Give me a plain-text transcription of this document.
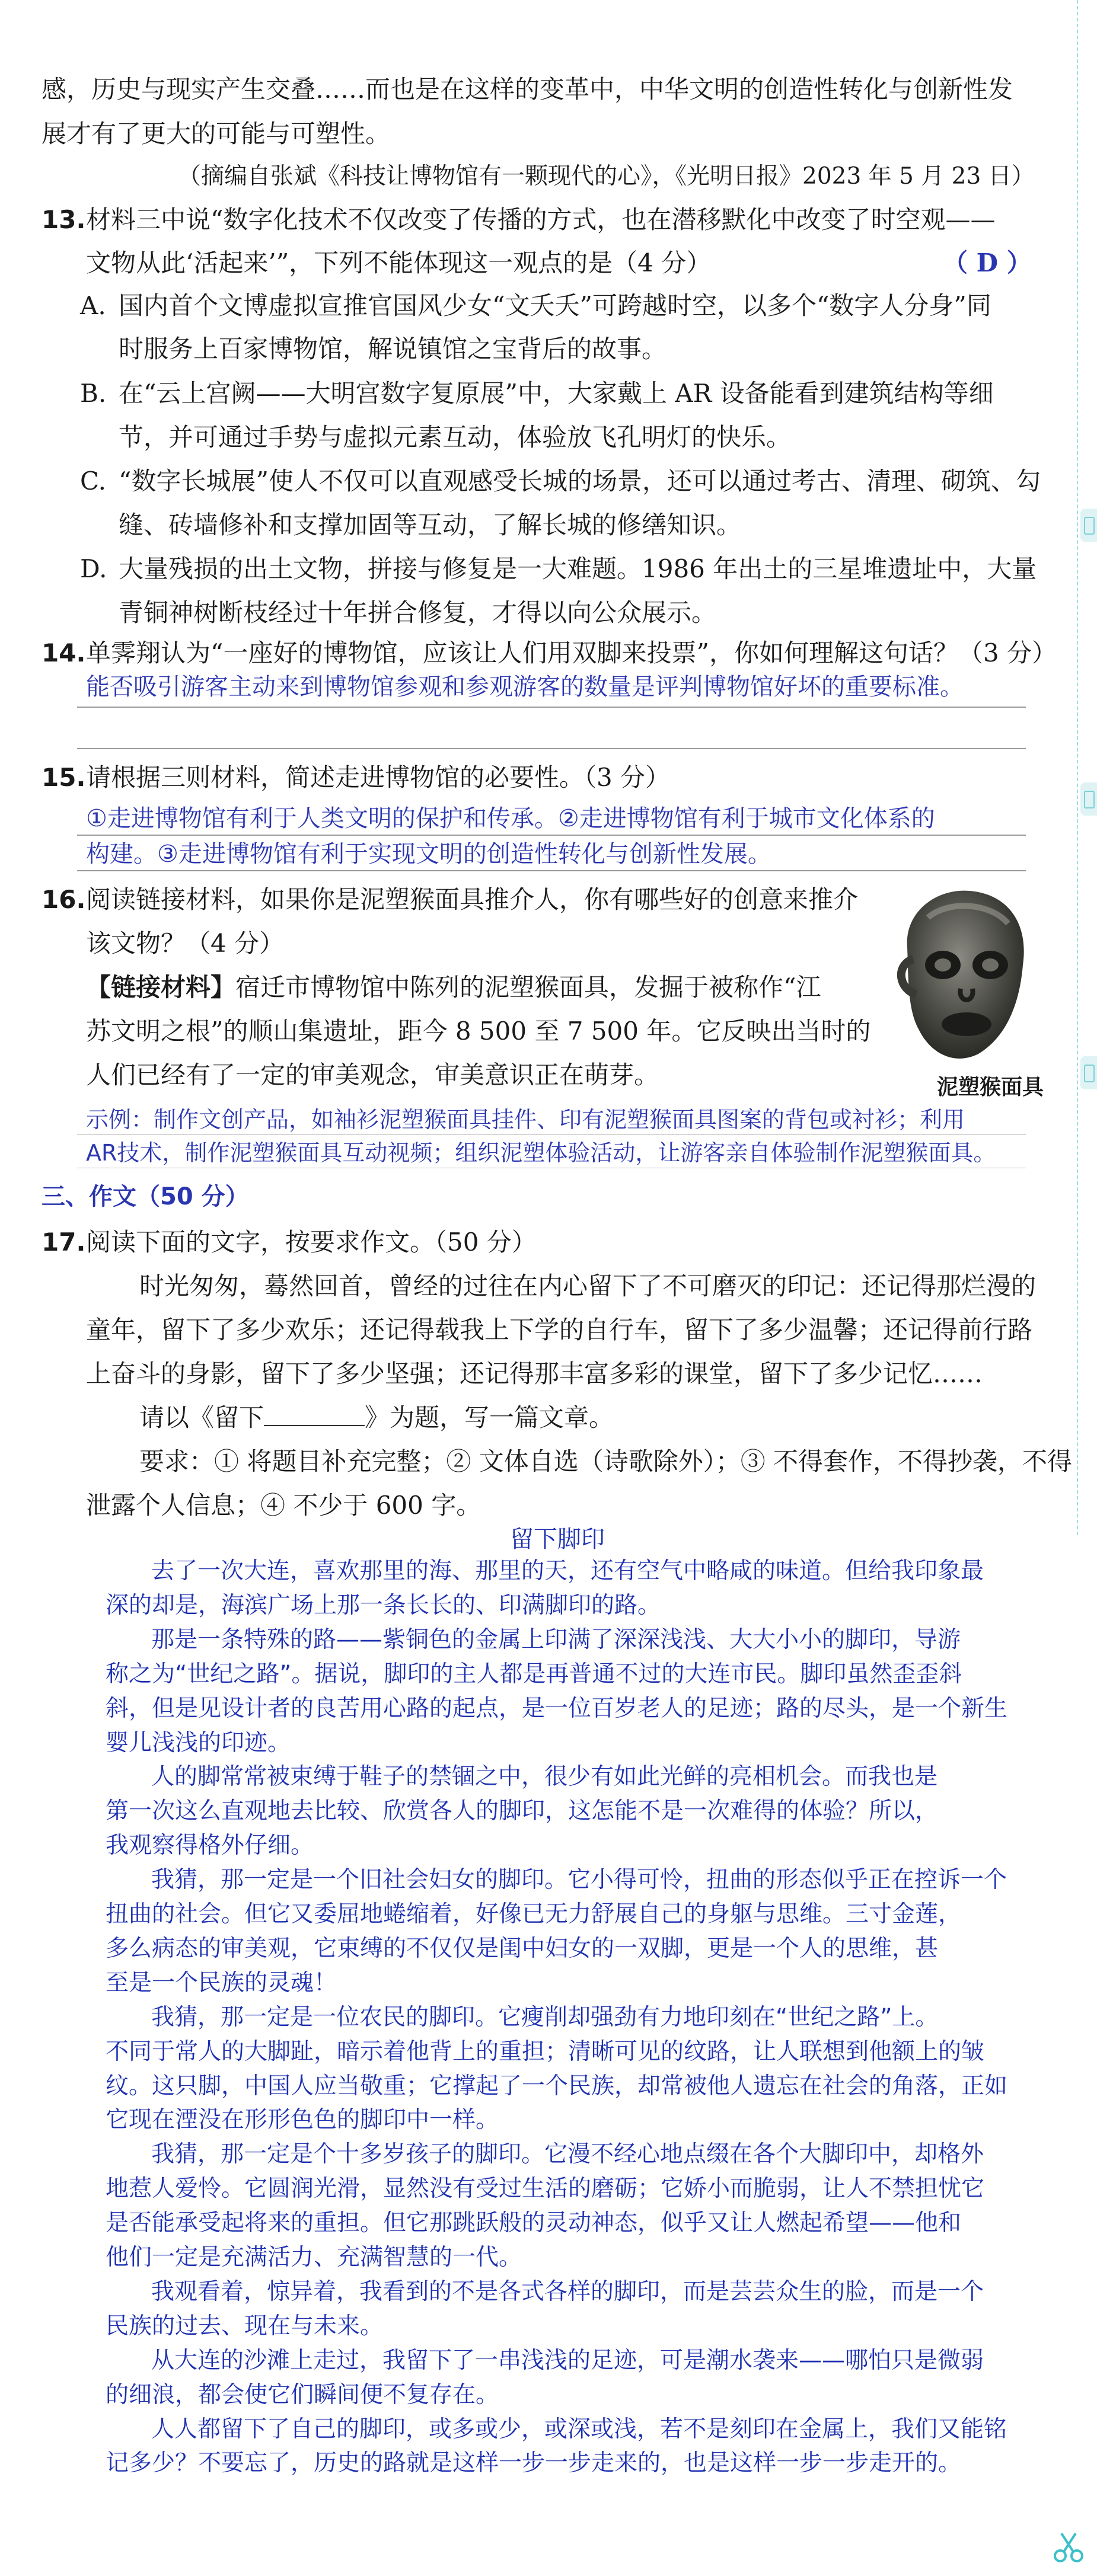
感，历史与现实产生交叠……而也是在这样的变革中，中华文明的创造性转化与创新性发

展才有了更大的可能与可塑性。

（摘编自张斌《科技让博物馆有一颗现代的心》，《光明日报》2023 年 5 月 23 日）

13. 材料三中说“数字化技术不仅改变了传播的方式，也在潜移默化中改变了时空观——

文物从此‘活起来’”，下列不能体现这一观点的是（4 分）	（ D ）

A. 国内首个文博虚拟宣推官国风少女“文夭夭”可跨越时空，以多个“数字人分身”同

时服务上百家博物馆，解说镇馆之宝背后的故事。

B. 在“云上宫阙——大明宫数字复原展”中，大家戴上 AR 设备能看到建筑结构等细

节，并可通过手势与虚拟元素互动，体验放飞孔明灯的快乐。

C. “数字长城展”使人不仅可以直观感受长城的场景，还可以通过考古、清理、砌筑、勾

缝、砖墙修补和支撑加固等互动，了解长城的修缮知识。

D. 大量残损的出土文物，拼接与修复是一大难题。1986 年出土的三星堆遗址中，大量

青铜神树断枝经过十年拼合修复，才得以向公众展示。

14. 单霁翔认为“一座好的博物馆，应该让人们用双脚来投票”，你如何理解这句话？（3 分）

能否吸引游客主动来到博物馆参观和参观游客的数量是评判博物馆好坏的重要标准。

15. 请根据三则材料，简述走进博物馆的必要性。（3 分）

①走进博物馆有利于人类文明的保护和传承。②走进博物馆有利于城市文化体系的

构建。③走进博物馆有利于实现文明的创造性转化与创新性发展。

16. 阅读链接材料，如果你是泥塑猴面具推介人，你有哪些好的创意来推介

该文物？（4 分）

【链接材料】宿迁市博物馆中陈列的泥塑猴面具，发掘于被称作“江

苏文明之根”的顺山集遗址，距今 8 500 至 7 500 年。它反映出当时的

人们已经有了一定的审美观念，审美意识正在萌芽。	泥塑猴面具

示例：制作文创产品，如袖衫泥塑猴面具挂件、印有泥塑猴面具图案的背包或衬衫；利用

AR技术，制作泥塑猴面具互动视频；组织泥塑体验活动，让游客亲自体验制作泥塑猴面具。

三、作文（50 分）

17. 阅读下面的文字，按要求作文。（50 分）

时光匆匆，蓦然回首，曾经的过往在内心留下了不可磨灭的印记：还记得那烂漫的

童年，留下了多少欢乐；还记得载我上下学的自行车，留下了多少温馨；还记得前行路

上奋斗的身影，留下了多少坚强；还记得那丰富多彩的课堂，留下了多少记忆……

请以《留下	》为题，写一篇文章。

要求：① 将题目补充完整；② 文体自选（诗歌除外）；③ 不得套作，不得抄袭，不得

泄露个人信息；④ 不少于 600 字。

留下脚印

去了一次大连，喜欢那里的海、那里的天，还有空气中略咸的味道。但给我印象最

深的却是，海滨广场上那一条长长的、印满脚印的路。

那是一条特殊的路——紫铜色的金属上印满了深深浅浅、大大小小的脚印，导游

称之为“世纪之路”。据说，脚印的主人都是再普通不过的大连市民。脚印虽然歪歪斜

斜，但是见设计者的良苦用心路的起点，是一位百岁老人的足迹；路的尽头，是一个新生

婴儿浅浅的印迹。

人的脚常常被束缚于鞋子的禁锢之中，很少有如此光鲜的亮相机会。而我也是

第一次这么直观地去比较、欣赏各人的脚印，这怎能不是一次难得的体验？所以，

我观察得格外仔细。

我猜，那一定是一个旧社会妇女的脚印。它小得可怜，扭曲的形态似乎正在控诉一个

扭曲的社会。但它又委屈地蜷缩着，好像已无力舒展自己的身躯与思维。三寸金莲，

多么病态的审美观，它束缚的不仅仅是闺中妇女的一双脚，更是一个人的思维，甚

至是一个民族的灵魂！

我猜，那一定是一位农民的脚印。它瘦削却强劲有力地印刻在“世纪之路”上。

不同于常人的大脚趾，暗示着他背上的重担；清晰可见的纹路，让人联想到他额上的皱

纹。这只脚，中国人应当敬重；它撑起了一个民族，却常被他人遗忘在社会的角落，正如

它现在湮没在形形色色的脚印中一样。

我猜，那一定是个十多岁孩子的脚印。它漫不经心地点缀在各个大脚印中，却格外

地惹人爱怜。它圆润光滑，显然没有受过生活的磨砺；它娇小而脆弱，让人不禁担忧它

是否能承受起将来的重担。但它那跳跃般的灵动神态，似乎又让人燃起希望——他和

他们一定是充满活力、充满智慧的一代。

我观看着，惊异着，我看到的不是各式各样的脚印，而是芸芸众生的脸，而是一个

民族的过去、现在与未来。

从大连的沙滩上走过，我留下了一串浅浅的足迹，可是潮水袭来——哪怕只是微弱

的细浪，都会使它们瞬间便不复存在。

人人都留下了自己的脚印，或多或少，或深或浅，若不是刻印在金属上，我们又能铭

记多少？不要忘了，历史的路就是这样一步一步走来的，也是这样一步一步走开的。
